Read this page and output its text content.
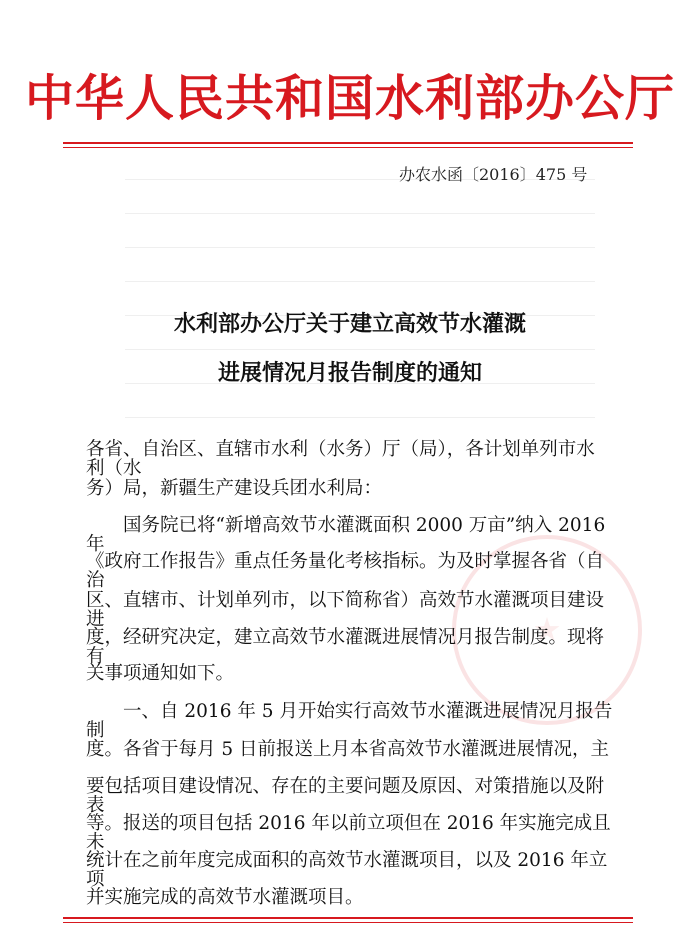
中华人民共和国水利部办公厅
办农水函〔2016〕475 号
水利部办公厅关于建立高效节水灌溉
进展情况月报告制度的通知
各省、自治区、直辖市水利（水务）厅（局），各计划单列市水利（水
务）局，新疆生产建设兵团水利局：
国务院已将“新增高效节水灌溉面积 2000 万亩”纳入 2016 年
《政府工作报告》重点任务量化考核指标。为及时掌握各省（自治
区、直辖市、计划单列市，以下简称省）高效节水灌溉项目建设进
度，经研究决定，建立高效节水灌溉进展情况月报告制度。现将有
关事项通知如下。
一、自 2016 年 5 月开始实行高效节水灌溉进展情况月报告制
度。各省于每月 5 日前报送上月本省高效节水灌溉进展情况，主
要包括项目建设情况、存在的主要问题及原因、对策措施以及附表
等。报送的项目包括 2016 年以前立项但在 2016 年实施完成且未
统计在之前年度完成面积的高效节水灌溉项目，以及 2016 年立项
并实施完成的高效节水灌溉项目。
